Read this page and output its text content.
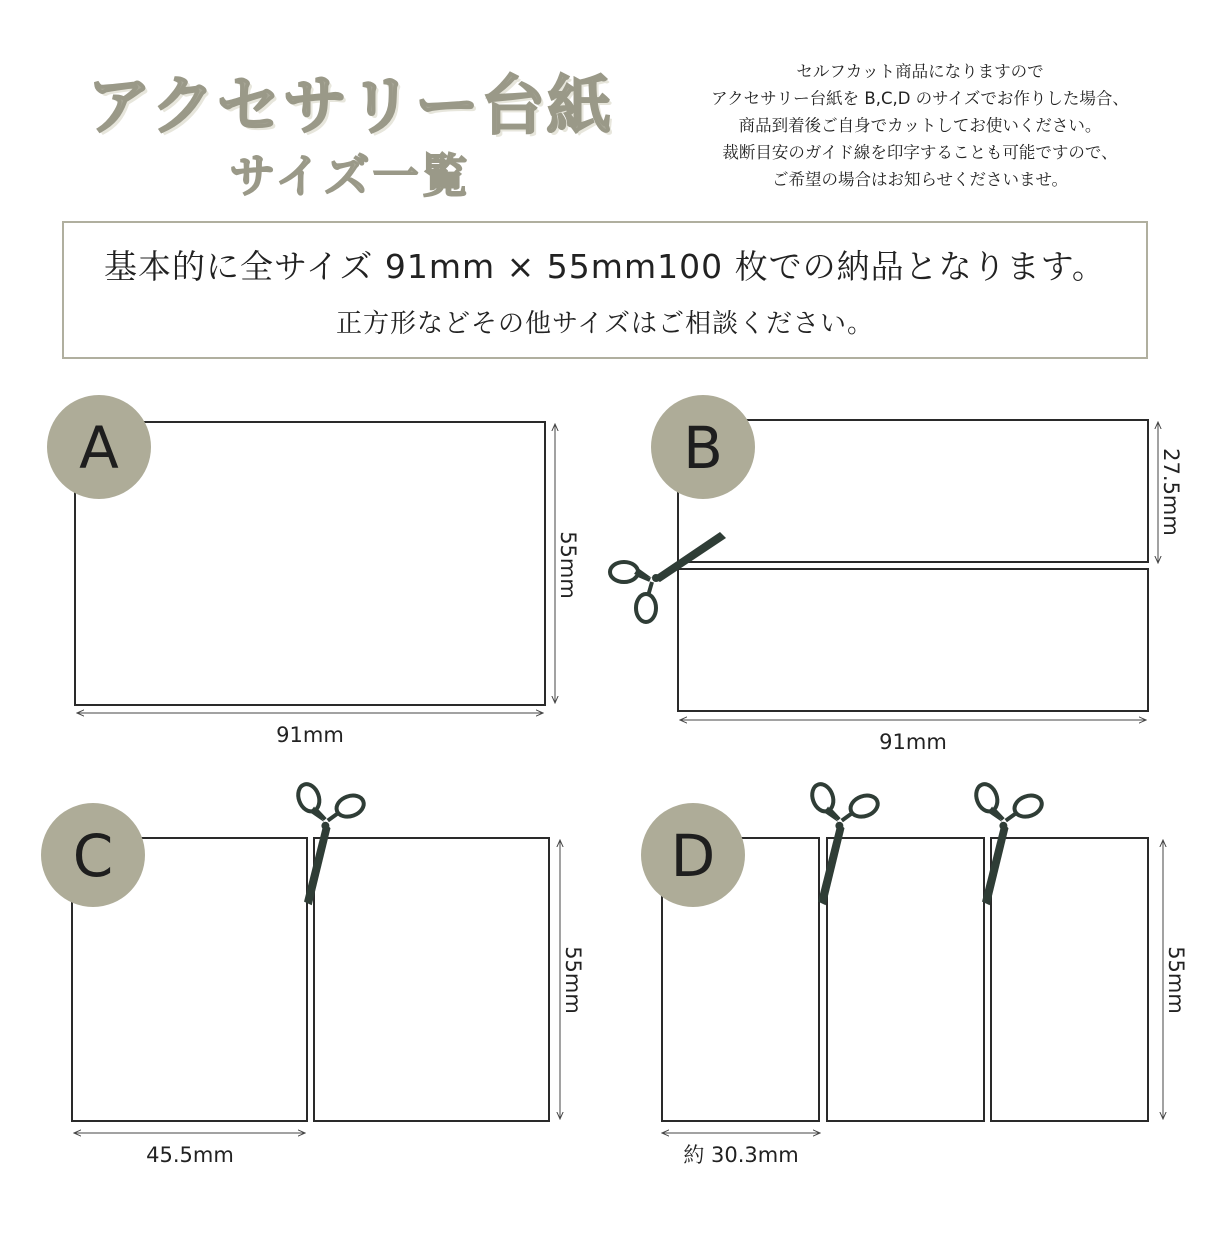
アクセサリー台紙
サイズ一覧
セルフカット商品になりますので
アクセサリー台紙を B,C,D のサイズでお作りした場合、
商品到着後ご自身でカットしてお使いください。
裁断目安のガイド線を印字することも可能ですので、
ご希望の場合はお知らせくださいませ。
基本的に全サイズ 91mm × 55mm100 枚での納品となります。
正方形などその他サイズはご相談ください。
A
91mm
55mm
B
91mm
27.5mm
C
45.5mm
55mm
D
約 30.3mm
55mm
